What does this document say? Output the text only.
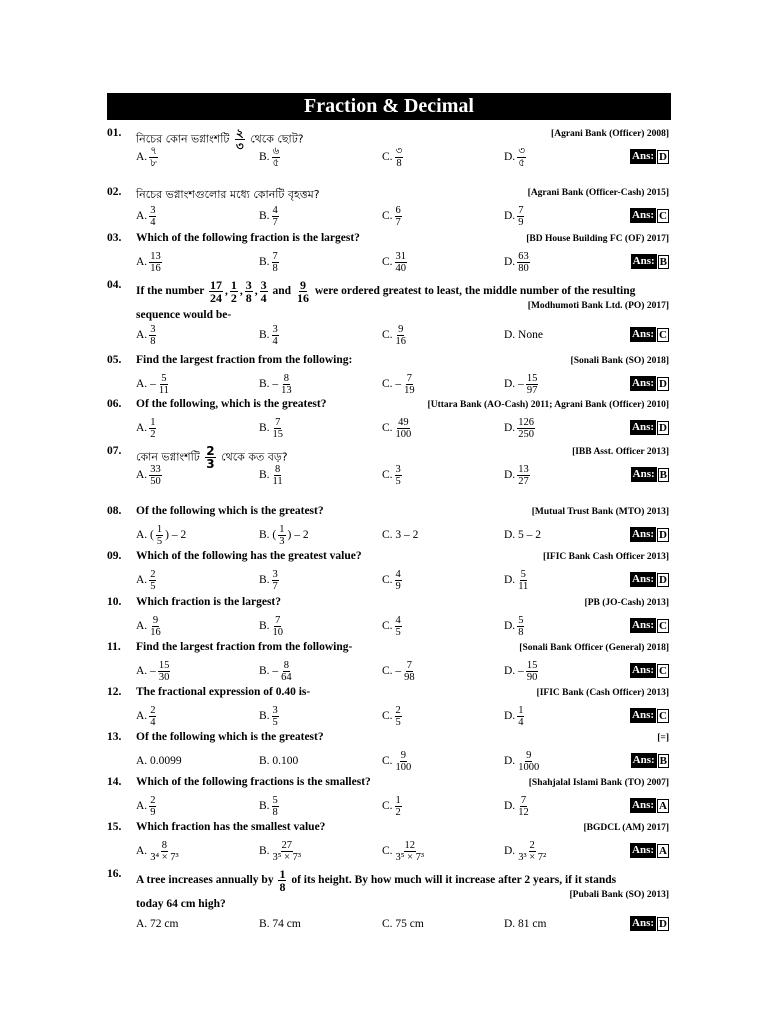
Fraction & Decimal
01.	নিচের কোন ভগ্নাংশটি $\frac{২}{৩}$ থেকে ছোট?	[Agrani Bank (Officer) 2008]
A. $\frac{৭}{৮}$	B. $\frac{৬}{৫}$	C. $\frac{৩}{8}$	D. $\frac{৩}{৫}$	Ans: D
02.	নিচের ভগ্নাংশগুলোর মধ্যে কোনটি বৃহত্তম?	[Agrani Bank (Officer-Cash) 2015]
A. $\frac{3}{4}$	B. $\frac{4}{7}$	C. $\frac{6}{7}$	D. $\frac{7}{9}$	Ans: C
03.	Which of the following fraction is the largest?	[BD House Building FC (OF) 2017]
A. $\frac{13}{16}$	B. $\frac{7}{8}$	C. $\frac{31}{40}$	D. $\frac{63}{80}$	Ans: B
04.
If the number $\frac{17}{24}$ , $\frac{1}{2}$ , $\frac{3}{8}$ , $\frac{3}{4}$ and $\frac{9}{16}$ were ordered greatest to least, the middle number of the resulting
sequence would be-
[Modhumoti Bank Ltd. (PO) 2017]
A. $\frac{3}{8}$	B. $\frac{3}{4}$	C. $\frac{9}{16}$	D. None	Ans: C
05.	Find the largest fraction from the following:	[Sonali Bank (SO) 2018]
A. – $\frac{5}{11}$	B. – $\frac{8}{13}$	C. – $\frac{7}{19}$	D. – $\frac{15}{97}$	Ans: D
06.	Of the following, which is the greatest?	[Uttara Bank (AO-Cash) 2011; Agrani Bank (Officer) 2010]
A. $\frac{1}{2}$	B. $\frac{7}{15}$	C. $\frac{49}{100}$	D. $\frac{126}{250}$	Ans: D
07.	কোন ভগ্নাংশটি $\frac{2}{3}$ থেকে কত বড়?	[IBB Asst. Officer 2013]
A. $\frac{33}{50}$	B. $\frac{8}{11}$	C. $\frac{3}{5}$	D. $\frac{13}{27}$	Ans: B
08.	Of the following which is the greatest?	[Mutual Trust Bank (MTO) 2013]
A. ( $\frac{1}{5}$ ) – 2	B. ( $\frac{1}{3}$ ) – 2	C. 3 – 2	D. 5 – 2	Ans: D
09.	Which of the following has the greatest value?	[IFIC Bank Cash Officer 2013]
A. $\frac{2}{5}$	B. $\frac{3}{7}$	C. $\frac{4}{9}$	D. $\frac{5}{11}$	Ans: D
10.	Which fraction is the largest?	[PB (JO-Cash) 2013]
A. $\frac{9}{16}$	B. $\frac{7}{10}$	C. $\frac{4}{5}$	D. $\frac{5}{8}$	Ans: C
11.	Find the largest fraction from the following-	[Sonali Bank Officer (General) 2018]
A. – $\frac{15}{30}$	B. – $\frac{8}{64}$	C. – $\frac{7}{98}$	D. – $\frac{15}{90}$	Ans: C
12.	The fractional expression of 0.40 is-	[IFIC Bank (Cash Officer) 2013]
A. $\frac{2}{4}$	B. $\frac{3}{5}$	C. $\frac{2}{5}$	D. $\frac{1}{4}$	Ans: C
13.	Of the following which is the greatest?	[=]
A. 0.0099	B. 0.100	C. $\frac{9}{100}$	D. $\frac{9}{1000}$	Ans: B
14.	Which of the following fractions is the smallest?	[Shahjalal Islami Bank (TO) 2007]
A. $\frac{2}{9}$	B. $\frac{5}{8}$	C. $\frac{1}{2}$	D. $\frac{7}{12}$	Ans: A
15.	Which fraction has the smallest value?	[BGDCL (AM) 2017]
A. $\frac{8}{\text{3⁴ × 7³}}$	B. $\frac{27}{\text{3⁵ × 7³}}$	C. $\frac{12}{\text{3⁵ × 7³}}$	D. $\frac{2}{\text{3³ × 7²}}$	Ans: A
16.
A tree increases annually by $\frac{1}{8}$ of its height. By how much will it increase after 2 years, if it stands
today 64 cm high?
[Pubali Bank (SO) 2013]
A. 72 cm	B. 74 cm	C. 75 cm	D. 81 cm	Ans: D
